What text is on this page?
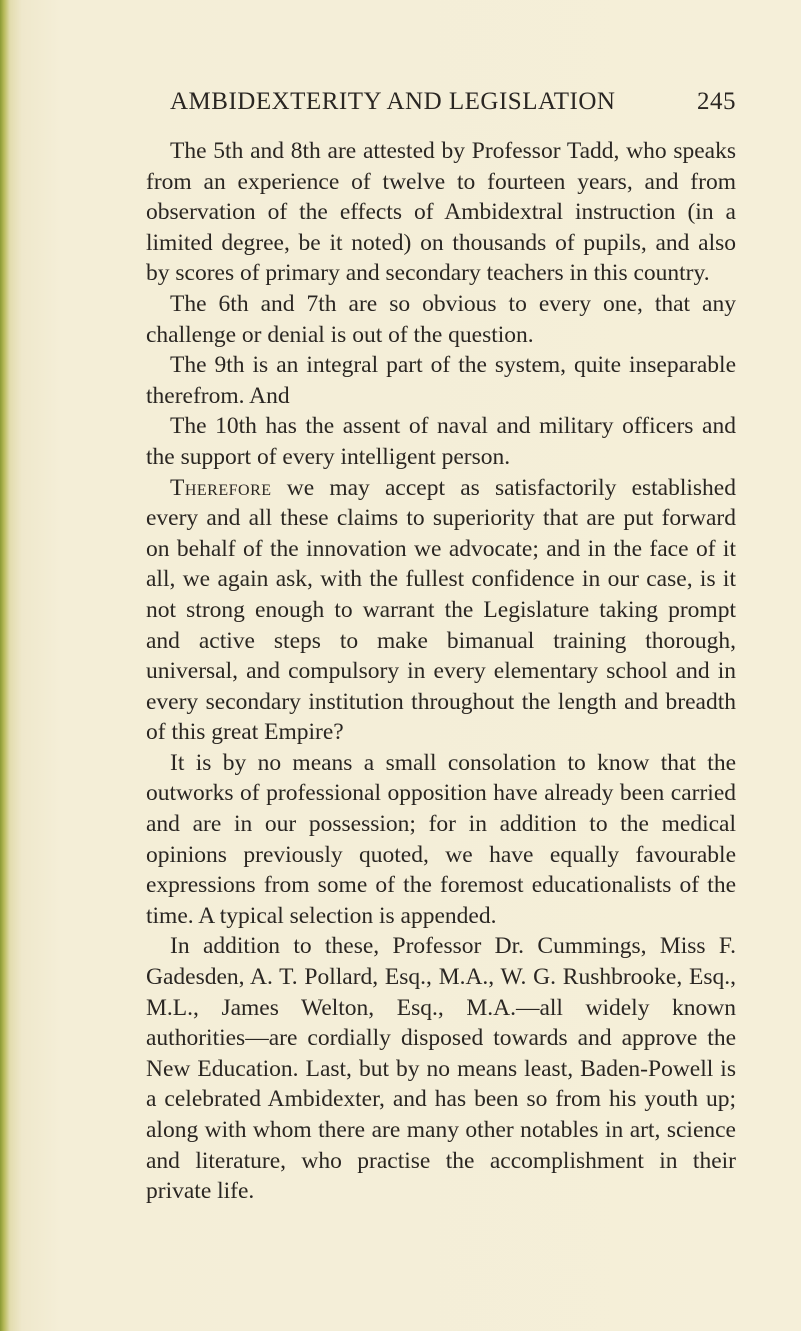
AMBIDEXTERITY AND LEGISLATION	245

The 5th and 8th are attested by Professor Tadd, who speaks from an experience of twelve to fourteen years, and from observation of the effects of Ambidextral instruction (in a limited degree, be it noted) on thousands of pupils, and also by scores of primary and secondary teachers in this country.

The 6th and 7th are so obvious to every one, that any challenge or denial is out of the question.

The 9th is an integral part of the system, quite inseparable therefrom. And

The 10th has the assent of naval and military officers and the support of every intelligent person.

Therefore we may accept as satisfactorily established every and all these claims to superiority that are put forward on behalf of the innovation we advocate; and in the face of it all, we again ask, with the fullest confidence in our case, is it not strong enough to warrant the Legislature taking prompt and active steps to make bimanual training thorough, universal, and compulsory in every elementary school and in every secondary institution throughout the length and breadth of this great Empire?

It is by no means a small consolation to know that the outworks of professional opposition have already been carried and are in our possession; for in addition to the medical opinions previously quoted, we have equally favourable expressions from some of the foremost educationalists of the time. A typical selection is appended.

In addition to these, Professor Dr. Cummings, Miss F. Gadesden, A. T. Pollard, Esq., M.A., W. G. Rushbrooke, Esq., M.L., James Welton, Esq., M.A.—all widely known authorities—are cordially disposed towards and approve the New Education. Last, but by no means least, Baden-Powell is a celebrated Ambidexter, and has been so from his youth up; along with whom there are many other notables in art, science and literature, who practise the accomplishment in their private life.
